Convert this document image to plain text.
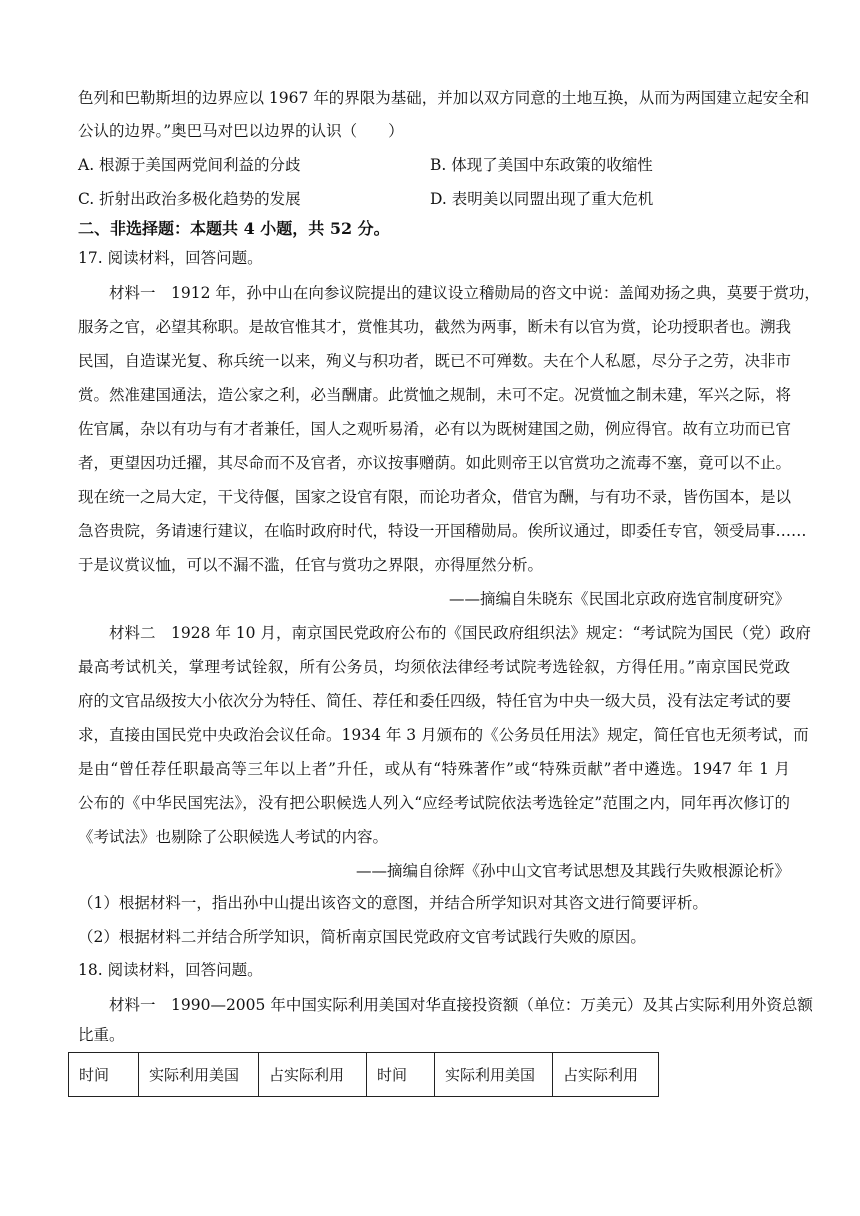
色列和巴勒斯坦的边界应以 1967 年的界限为基础，并加以双方同意的土地互换，从而为两国建立起安全和
公认的边界。”奥巴马对巴以边界的认识（　　）
A. 根源于美国两党间利益的分歧	B. 体现了美国中东政策的收缩性
C. 折射出政治多极化趋势的发展	D. 表明美以同盟出现了重大危机
二、非选择题：本题共 4 小题，共 52 分。
17. 阅读材料，回答问题。
材料一　1912 年，孙中山在向参议院提出的建议设立稽勋局的咨文中说：盖闻劝扬之典，莫要于赏功，
服务之官，必望其称职。是故官惟其才，赏惟其功，截然为两事，断未有以官为赏，论功授职者也。溯我
民国，自造谋光复、称兵统一以来，殉义与积功者，既已不可殚数。夫在个人私愿，尽分子之劳，决非市
赏。然准建国通法，造公家之利，必当酬庸。此赏恤之规制，未可不定。况赏恤之制未建，军兴之际，将
佐官属，杂以有功与有才者兼任，国人之观听易淆，必有以为既树建国之勋，例应得官。故有立功而已官
者，更望因功迁擢，其尽命而不及官者，亦议按事赠荫。如此则帝王以官赏功之流毒不塞，竟可以不止。
现在统一之局大定，干戈待偃，国家之设官有限，而论功者众，借官为酬，与有功不录，皆伤国本，是以
急咨贵院，务请速行建议，在临时政府时代，特设一开国稽勋局。俟所议通过，即委任专官，领受局事……
于是议赏议恤，可以不漏不滥，任官与赏功之界限，亦得厘然分析。
——摘编自朱晓东《民国北京政府选官制度研究》
材料二　1928 年 10 月，南京国民党政府公布的《国民政府组织法》规定：“考试院为国民（党）政府
最高考试机关，掌理考试铨叙，所有公务员，均须依法律经考试院考选铨叙，方得任用。”南京国民党政
府的文官品级按大小依次分为特任、简任、荐任和委任四级，特任官为中央一级大员，没有法定考试的要
求，直接由国民党中央政治会议任命。1934 年 3 月颁布的《公务员任用法》规定，简任官也无须考试，而
是由“曾任荐任职最高等三年以上者”升任，或从有“特殊著作”或“特殊贡献”者中遴选。1947 年 1 月
公布的《中华民国宪法》，没有把公职候选人列入“应经考试院依法考选铨定”范围之内，同年再次修订的
《考试法》也剔除了公职候选人考试的内容。
——摘编自徐辉《孙中山文官考试思想及其践行失败根源论析》
（1）根据材料一，指出孙中山提出该咨文的意图，并结合所学知识对其咨文进行简要评析。
（2）根据材料二并结合所学知识，简析南京国民党政府文官考试践行失败的原因。
18. 阅读材料，回答问题。
材料一　1990—2005 年中国实际利用美国对华直接投资额（单位：万美元）及其占实际利用外资总额
比重。
时间	实际利用美国	占实际利用	时间	实际利用美国	占实际利用
